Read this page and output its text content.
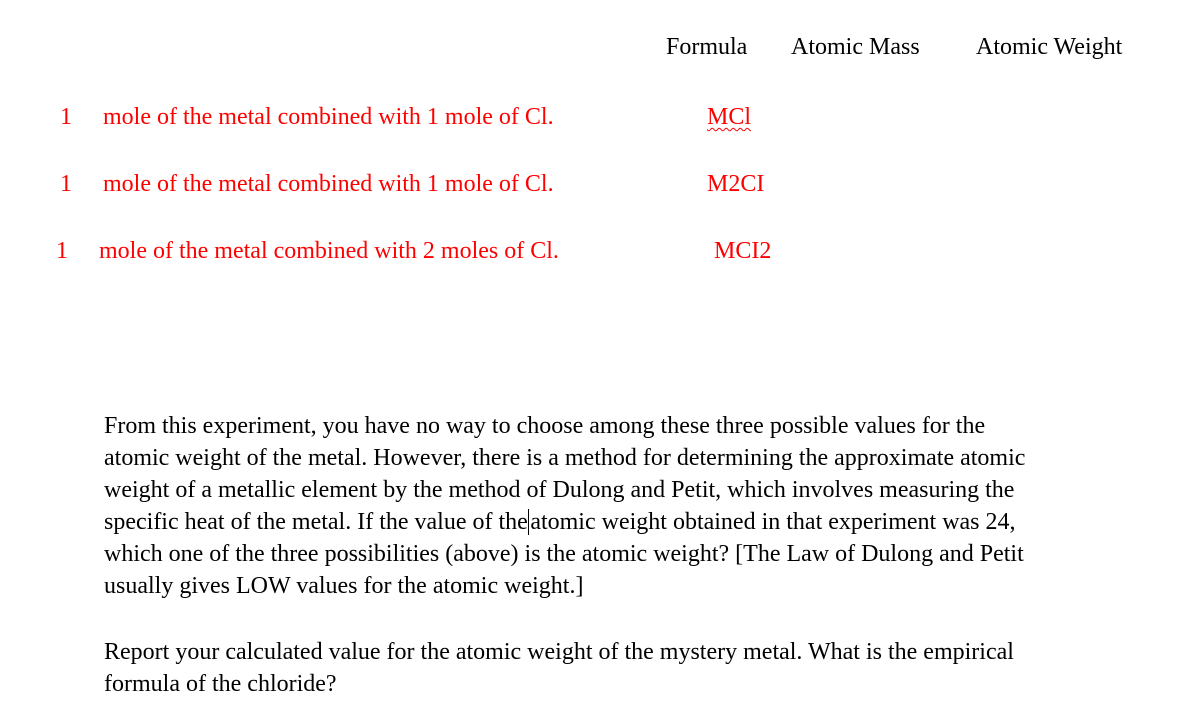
Formula Atomic Mass Atomic Weight
1 mole of the metal combined with 1 mole of Cl.	MCl
1 mole of the metal combined with 1 mole of Cl.	M2CI
1 mole of the metal combined with 2 moles of Cl.	MCI2

From this experiment, you have no way to choose among these three possible values for the

atomic weight of the metal. However, there is a method for determining the approximate atomic

weight of a metallic element by the method of Dulong and Petit, which involves measuring the

specific heat of the metal. If the value of the atomic weight obtained in that experiment was 24,

which one of the three possibilities (above) is the atomic weight? [The Law of Dulong and Petit

usually gives LOW values for the atomic weight.]

Report your calculated value for the atomic weight of the mystery metal. What is the empirical

formula of the chloride?
